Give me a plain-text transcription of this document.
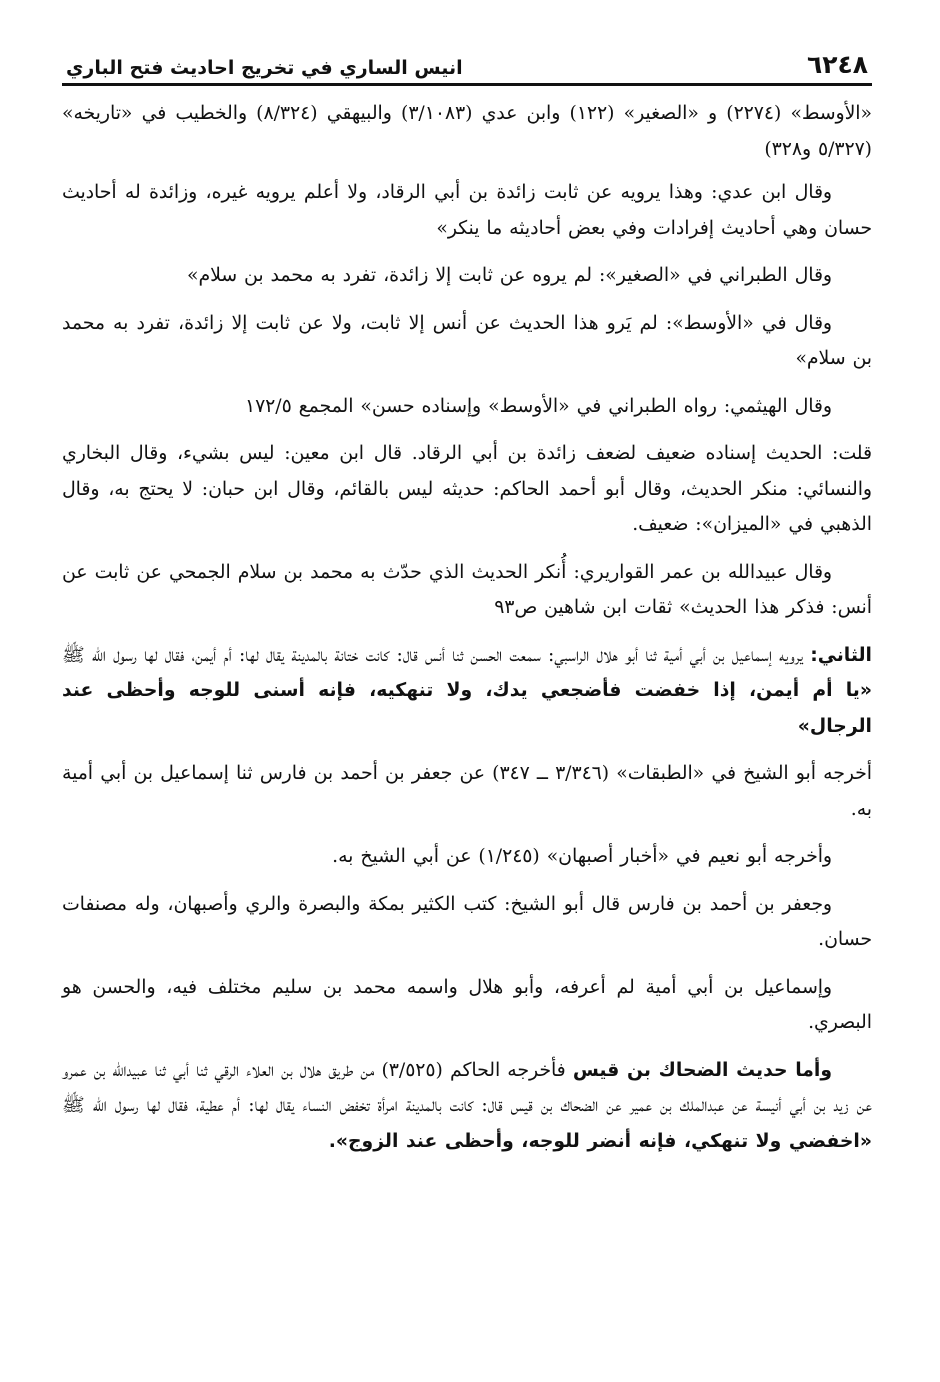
٦٢٤٨
انيس الساري في تخريج احاديث فتح الباري

«الأوسط» (٢٢٧٤) و «الصغير» (١٢٢) وابن عدي (٣/١٠٨٣) والبيهقي (٨/٣٢٤) والخطيب في «تاريخه» (٥/٣٢٧ و٣٢٨)

وقال ابن عدي: وهذا يرويه عن ثابت زائدة بن أبي الرقاد، ولا أعلم يرويه غيره، وزائدة له أحاديث حسان وهي أحاديث إفرادات وفي بعض أحاديثه ما ينكر»

وقال الطبراني في «الصغير»: لم يروه عن ثابت إلا زائدة، تفرد به محمد بن سلام»

وقال في «الأوسط»: لم يَرو هذا الحديث عن أنس إلا ثابت، ولا عن ثابت إلا زائدة، تفرد به محمد بن سلام»

وقال الهيثمي: رواه الطبراني في «الأوسط» وإسناده حسن» المجمع ١٧٢/٥

قلت: الحديث إسناده ضعيف لضعف زائدة بن أبي الرقاد. قال ابن معين: ليس بشيء، وقال البخاري والنسائي: منكر الحديث، وقال أبو أحمد الحاكم: حديثه ليس بالقائم، وقال ابن حبان: لا يحتج به، وقال الذهبي في «الميزان»: ضعيف.

وقال عبيدالله بن عمر القواريري: أُنكر الحديث الذي حدّث به محمد بن سلام الجمحي عن ثابت عن أنس: فذكر هذا الحديث» ثقات ابن شاهين ص٩٣

الثاني: يرويه إسماعيل بن أبي أمية ثنا أبو هلال الراسبي: سمعت الحسن ثنا أنس قال: كانت ختانة بالمدينة يقال لها: أم أيمن، فقال لها رسول الله ﷺ «يا أم أيمن، إذا خفضت فأضجعي يدك، ولا تنهكيه، فإنه أسنى للوجه وأحظى عند الرجال»

أخرجه أبو الشيخ في «الطبقات» (٣/٣٤٦ ــ ٣٤٧) عن جعفر بن أحمد بن فارس ثنا إسماعيل بن أبي أمية به.

وأخرجه أبو نعيم في «أخبار أصبهان» (١/٢٤٥) عن أبي الشيخ به.

وجعفر بن أحمد بن فارس قال أبو الشيخ: كتب الكثير بمكة والبصرة والري وأصبهان، وله مصنفات حسان.

وإسماعيل بن أبي أمية لم أعرفه، وأبو هلال واسمه محمد بن سليم مختلف فيه، والحسن هو البصري.

وأما حديث الضحاك بن قيس فأخرجه الحاكم (٣/٥٢٥) من طريق هلال بن العلاء الرقي ثنا أبي ثنا عبيدالله بن عمرو عن زيد بن أبي أنيسة عن عبدالملك بن عمير عن الضحاك بن قيس قال: كانت بالمدينة امرأة تخفض النساء يقال لها: أم عطية، فقال لها رسول الله ﷺ «اخفضي ولا تنهكي، فإنه أنضر للوجه، وأحظى عند الزوج».
